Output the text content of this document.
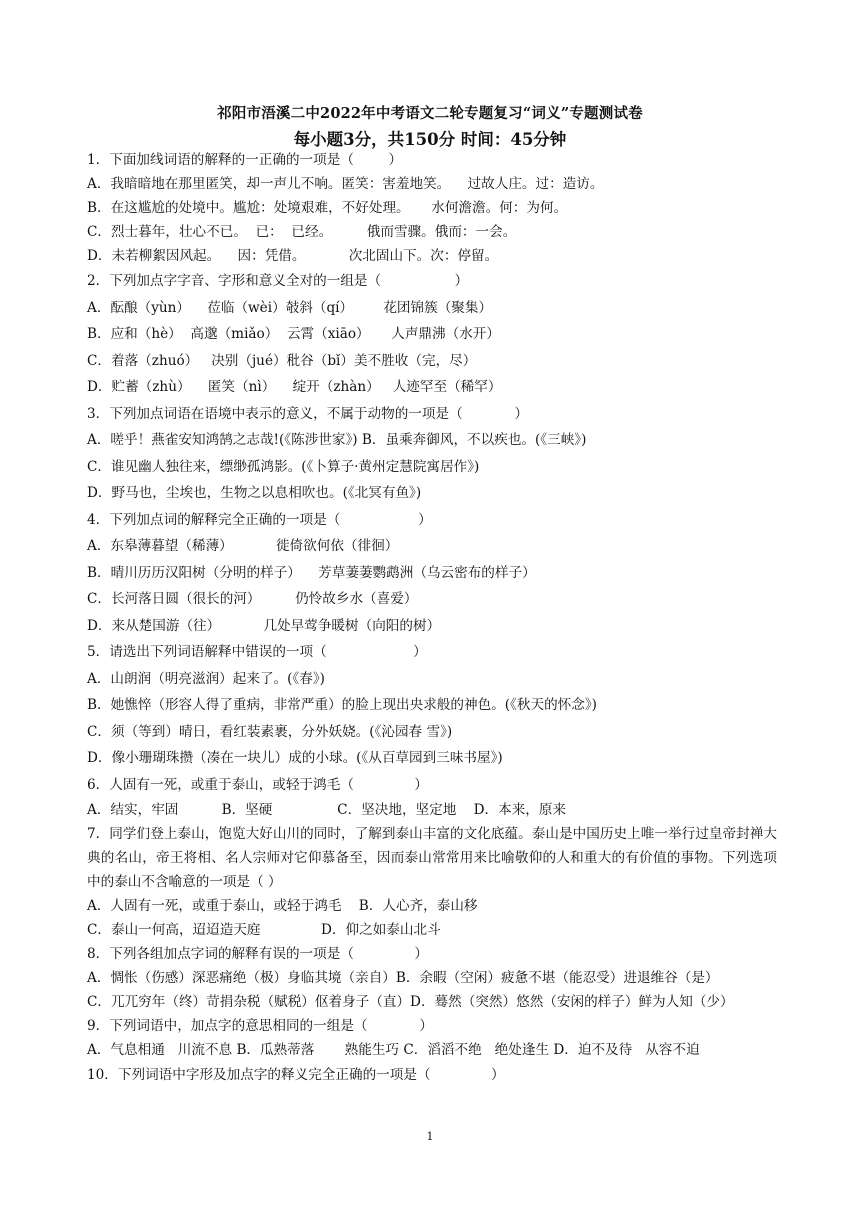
祁阳市浯溪二中2022年中考语文二轮专题复习“词义”专题测试卷
每小题3分，共150分 时间：45分钟
1．下面加线词语的解释的一正确的一项是（        ）
A．我暗暗地在那里匿笑，却一声儿不响。匿笑：害羞地笑。    过故人庄。过：造访。
B．在这尴尬的处境中。尴尬：处境艰难，不好处理。     水何澹澹。何：为何。
C．烈士暮年，壮心不已。  已：  已经。        俄而雪骤。俄而：一会。
D．未若柳絮因风起。    因：凭借。          次北固山下。次：停留。
2．下列加点字字音、字形和意义全对的一组是（                 ）
A．酝酿（yùn）    莅临（wèi）攲斜（qí）       花团锦簇（聚集）
B．应和（hè）  高邈（miǎo）  云霄（xiāo）     人声鼎沸（水开）
C．着落（zhuó）   决别（jué）秕谷（bǐ）美不胜收（完，尽）
D．贮蓄（zhù）    匿笑（nì）    绽开（zhàn）   人迹罕至（稀罕）
3．下列加点词语在语境中表示的意义，不属于动物的一项是（            ）
A．嗟乎！燕雀安知鸿鹄之志哉!(《陈涉世家》) B．虽乘奔御风，不以疾也。(《三峡》)
C．谁见幽人独往来，缥缈孤鸿影。(《卜算子·黄州定慧院寓居作》)
D．野马也，尘埃也，生物之以息相吹也。(《北冥有鱼》)
4．下列加点词的解释完全正确的一项是（                  ）
A．东皋薄暮望（稀薄）          徙倚欲何依（徘徊）
B．晴川历历汉阳树（分明的样子）    芳草萋萋鹦鹉洲（乌云密布的样子）
C．长河落日圆（很长的河）        仍怜故乡水（喜爱）
D．来从楚国游（往）          几处早莺争暖树（向阳的树）
5．请选出下列词语解释中错误的一项（                    ）
A．山朗润（明亮滋润）起来了。(《春》)
B．她憔悴（形容人得了重病，非常严重）的脸上现出央求般的神色。(《秋天的怀念》)
C．须（等到）晴日，看红装素裹，分外妖娆。(《沁园春 雪》)
D．像小珊瑚珠攒（凑在一块儿）成的小球。(《从百草园到三味书屋》)
6．人固有一死，或重于泰山，或轻于鸿毛（              ）
A．结实，牢固          B．坚硬               C．坚决地，坚定地    D．本来，原来
7．同学们登上泰山，饱览大好山川的同时，了解到泰山丰富的文化底蕴。泰山是中国历史上唯一举行过皇帝封禅大典的名山，帝王将相、名人宗师对它仰慕备至，因而泰山常常用来比喻敬仰的人和重大的有价值的事物。下列选项中的泰山不含喻意的一项是（ ）
A．人固有一死，或重于泰山，或轻于鸿毛    B．人心齐，泰山移
C．泰山一何高，迢迢造天庭              D．仰之如泰山北斗
8．下列各组加点字词的解释有误的一项是（              ）
A．惆怅（伤感）深恶痛绝（极）身临其境（亲自）B．余暇（空闲）疲惫不堪（能忍受）进退维谷（是）
C．兀兀穷年（终）苛捐杂税（赋税）伛着身子（直）D．蓦然（突然）悠然（安闲的样子）鲜为人知（少）
9．下列词语中，加点字的意思相同的一组是（            ）
A．气息相通   川流不息 B．瓜熟蒂落       熟能生巧 C．滔滔不绝   绝处逢生 D．迫不及待   从容不迫
10．下列词语中字形及加点字的释义完全正确的一项是（              ）
1
